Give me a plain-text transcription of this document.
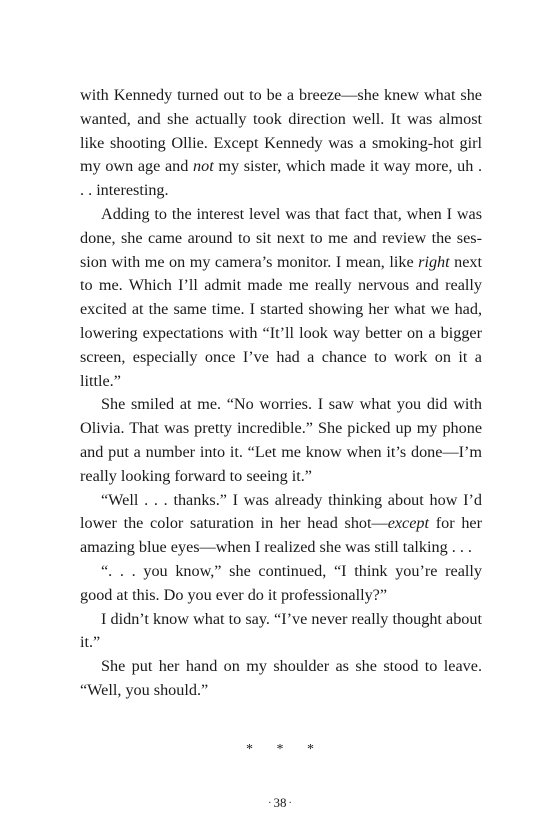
with Kennedy turned out to be a breeze—she knew what she wanted, and she actually took direction well. It was almost like shooting Ollie. Except Kennedy was a smoking-hot girl my own age and not my sister, which made it way more, uh . . . interesting.

Adding to the interest level was that fact that, when I was done, she came around to sit next to me and review the session with me on my camera’s monitor. I mean, like right next to me. Which I’ll admit made me really nervous and really excited at the same time. I started showing her what we had, lowering expectations with “It’ll look way better on a bigger screen, especially once I’ve had a chance to work on it a little.”

She smiled at me. “No worries. I saw what you did with Olivia. That was pretty incredible.” She picked up my phone and put a number into it. “Let me know when it’s done—I’m really looking forward to seeing it.”

“Well . . . thanks.” I was already thinking about how I’d lower the color saturation in her head shot—except for her amazing blue eyes—when I realized she was still talking . . .

“. . . you know,” she continued, “I think you’re really good at this. Do you ever do it professionally?”

I didn’t know what to say. “I’ve never really thought about it.”

She put her hand on my shoulder as she stood to leave. “Well, you should.”

* * *
· 38 ·
